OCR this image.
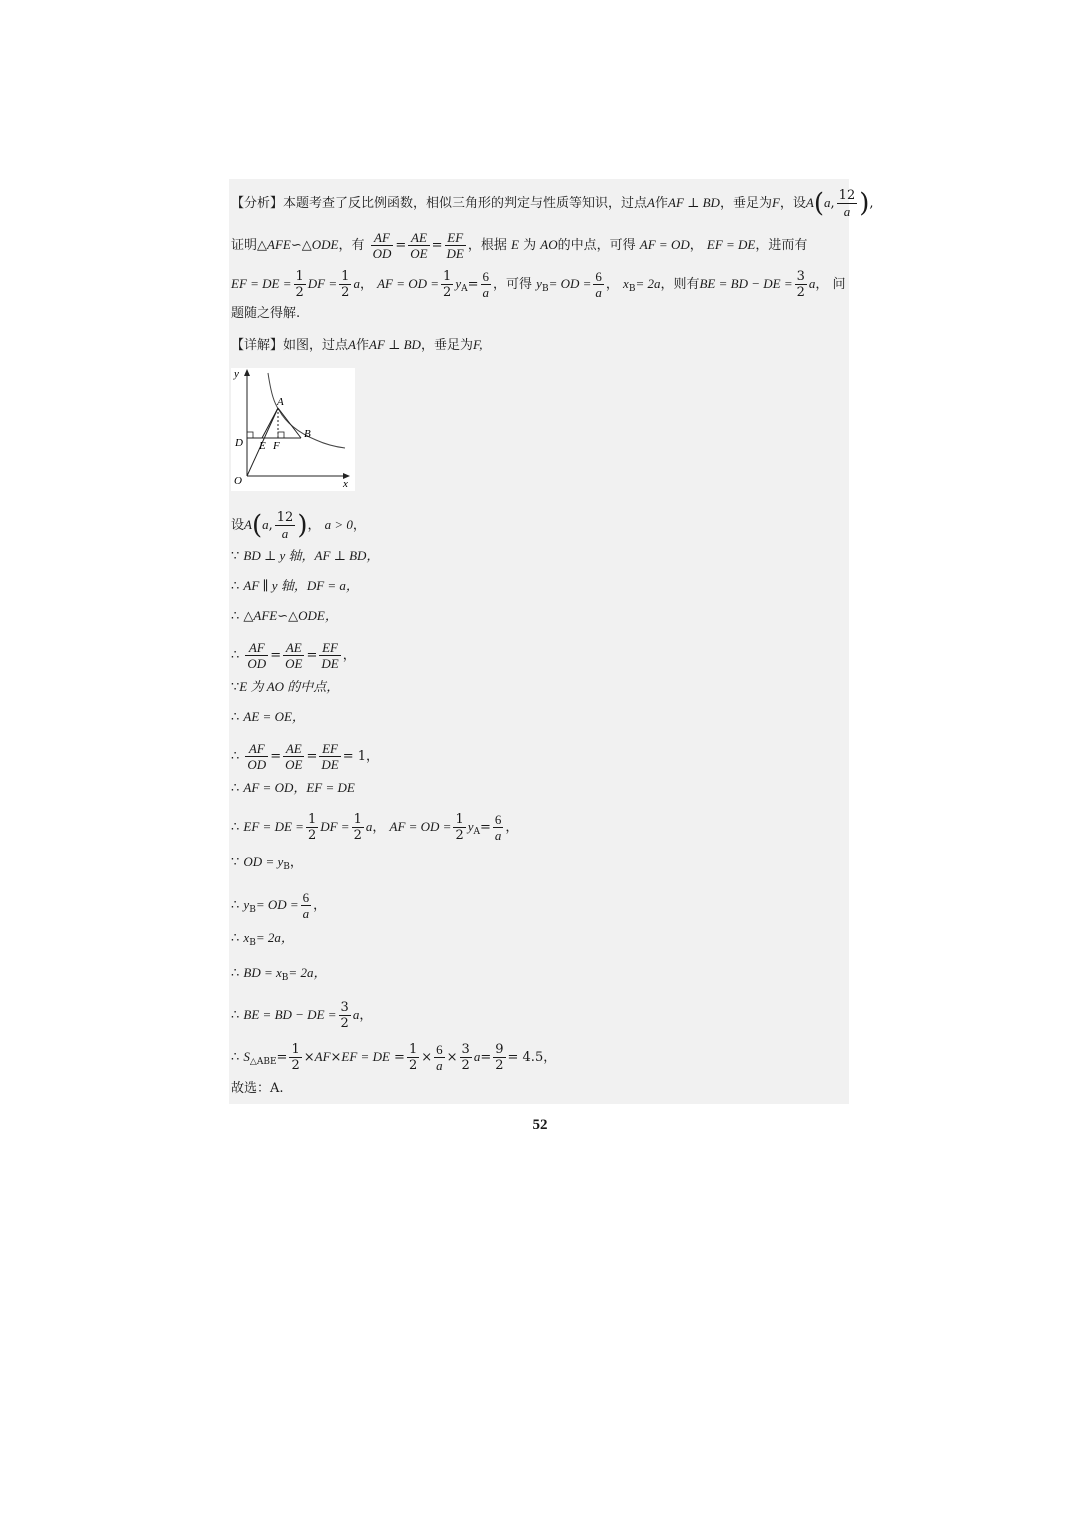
【分析】本题考查了反比例函数，相似三角形的判定与性质等知识，过点A作AF ⊥ BD，垂足为F，设A(a, $\frac{12}{a}$ ),
证明△AFE∽△ODE，有 $\frac{AF}{OD} = \frac{AE}{OE} = \frac{EF}{DE}$ ，根据 E 为 AO的中点，可得 AF = OD， EF = DE，进而有
EF = DE = $\frac{1}{2}$ DF = $\frac{1}{2}$ a， AF = OD = $\frac{1}{2} y_A= \frac{6}{a}$ ，可得 $y_B=$ OD = $\frac{6}{a}$ ， $x_B= 2a$，则有BE = BD − DE = $\frac{3}{2}$ a， 问
题随之得解.
【详解】如图，过点A作AF ⊥ BD，垂足为F,
y
x
O
A
B
D E F
设A(a, $\frac{12}{a}$ )， a > 0，
∵ BD ⊥ y 轴，AF ⊥ BD，
∴ AF ∥ y 轴，DF = a，
∴ △AFE∽△ODE，
∴ $\frac{AF}{OD} = \frac{AE}{OE} = \frac{EF}{DE}$ ，
∵E 为 AO 的中点，
∴ AE = OE，
∴ $\frac{AF}{OD} = \frac{AE}{OE} = \frac{EF}{DE} = 1$，
∴ AF = OD，EF = DE
∴ EF = DE = $\frac{1}{2}$ DF = $\frac{1}{2}$ a， AF = OD = $\frac{1}{2} y_A= \frac{6}{a}$ ，
∵ OD = $y_B$，
∴ $y_B=$ OD = $\frac{6}{a}$ ，
∴ $x_B= 2a$，
∴ BD = $x_B= 2a$，
∴ BE = BD − DE = $\frac{3}{2}$ a，
∴ $S_{\triangle ABE}= \frac{1}{2} \times AF\times EF$ = DE = $\frac{1}{2} \times \frac{6}{a} \times \frac{3}{2} a= \frac{9}{2} = 4.5$，
故选：A.
52
